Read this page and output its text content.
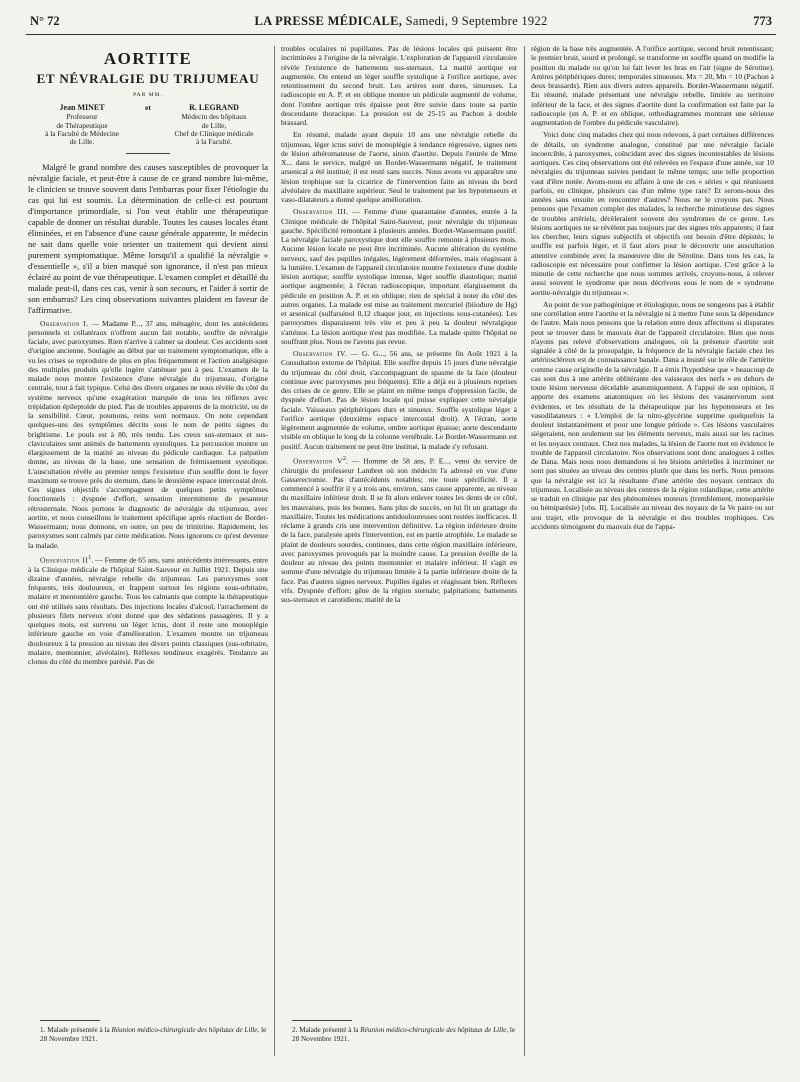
N° 72	LA PRESSE MÉDICALE, Samedi, 9 Septembre 1922	773
AORTITE
ET NÉVRALGIE DU TRIJUMEAU
PAR MM.
Jean MINET
Professeur
de Thérapeutique
à la Faculté de Médecine
de Lille.
et	R. LEGRAND
Médecin des hôpitaux
de Lille,
Chef de Clinique médicale
à la Faculté.

Malgré le grand nombre des causes susceptibles de provoquer la névralgie faciale, et peut-être à cause de ce grand nombre lui-même, le clinicien se trouve souvent dans l'embarras pour fixer l'étiologie du cas qui lui est soumis. La détermination de celle-ci est pourtant d'importance primordiale, si l'on veut établir une thérapeutique capable de donner un résultat durable. Toutes les causes locales étant éliminées, et en l'absence d'une cause générale apparente, le médecin ne sait dans quelle voie orienter un traitement qui devient ainsi purement symptomatique. Même lorsqu'il a qualifié la névralgie « d'essentielle », s'il a bien masqué son ignorance, il n'est pas mieux éclairé au point de vue thérapeutique. L'examen complet et détaillé du malade peut-il, dans ces cas, venir à son secours, et l'aider à sortir de son embarras? Les cinq observations suivantes plaident en faveur de l'affirmative.

Observation I. — Madame P..., 37 ans, ménagère, dont les antécédents personnels et collatéraux n'offrent aucun fait notable, souffre de névralgie faciale, avec paroxysmes. Rien n'arrive à calmer sa douleur. Ces accidents sont d'origine ancienne. Soulagée au début par un traitement symptomatique, elle a vu les crises se reproduire de plus en plus fréquemment et l'action analgésique des multiples produits qu'elle ingère s'atténuer peu à peu. L'examen de la malade nous montre l'existence d'une névralgie du trijumeau, d'origine centrale, tout à fait typique. Celui des divers organes ne nous révèle du côté du système nerveux qu'une exagération marquée de tous les réflexes avec trépidation épileptoïde du pied. Pas de troubles apparents de la motricité, ou de la sensibilité. Cœur, poumons, reins sont normaux. On note cependant quelques-uns des symptômes décrits sous le nom de petits signes du brightisme. Le pouls est à 80, très tendu. Les creux sus-sternaux et sus-claviculaires sont animés de battements systoliques. La percussion montre un élargissement de la matité au niveau du pédicule cardiaque. La palpation donne, au niveau de la base, une sensation de frémissement systolique. L'auscultation révèle au premier temps l'existence d'un souffle dont le foyer maximum se trouve près du sternum, dans le deuxième espace intercostal droit. Ces signes objectifs s'accompagnent de quelques petits symptômes fonctionnels : dyspnée d'effort, sensation intermittente de pesanteur rétrosternale. Nous portons le diagnostic de névralgie du trijumeau, avec aortite, et nous conseillons le traitement spécifique après réaction de Bordet-Wassermann; nous donnons, en outre, un peu de trinitrine. Rapidement, les paroxysmes sont calmés par cette médication. Nous ignorons ce qu'est devenue la malade.

Observation $II^1$. — Femme de 65 ans, sans antécédents intéressants, entre à la Clinique médicale de l'hôpital Saint-Sauveur en Juillet 1921. Depuis une dizaine d'années, névralgie rebelle du trijumeau. Les paroxysmes sont fréquents, très douloureux, et frappent surtout les régions sous-orbitaire, malaire et mentonnière gauche. Tous les calmants que compte la thérapeutique ont été utilisés sans résultats. Des injections locales d'alcool, l'arrachement de plusieurs filets nerveux n'ont donné que des sédations passagères. Il y a quelques mois, est survenu un léger ictus, dont il reste une monoplégie inférieure gauche en voie d'amélioration. L'examen montre un trijumeau douloureux à la pression au niveau des divers points classiques (sus-orbitaire, malaire, mentonnier, alvéolaire). Réflexes tendineux exagérés. Tendance au clonus du côté du membre parésié. Pas de

troubles oculaires ni pupillaires. Pas de lésions locales qui puissent être incriminées à l'origine de la névralgie. L'exploration de l'appareil circulatoire révèle l'existence de battements sus-sternaux. La matité aortique est augmentée. On entend un léger souffle systolique à l'orifice aortique, avec retentissement du second bruit. Les artères sont dures, sinueuses. La radioscopie en A. P. et en oblique montre un pédicule augmenté de volume, dont l'ombre aortique très épaisse peut être suivie dans toute sa partie descendante thoracique. La pression est de 25-15 au Pachon à double brassard.

En résumé, malade ayant depuis 10 ans une névralgie rebelle du trijumeau, léger ictus suivi de monoplégie à tendance régressive, signes nets de lésion athéromateuse de l'aorte, sinon d'aortite. Depuis l'entrée de Mme X... dans le service, malgré un Bordet-Wassermann négatif, le traitement arsenical a été institué; il est resté sans succès. Nous avons vu apparaître une lésion trophique sur la cicatrice de l'intervention faite au niveau du bord alvéolaire du maxillaire supérieur. Seul le traitement par les hypotenseurs et vaso-dilatateurs a donné quelque amélioration.

Observation III. — Femme d'une quarantaine d'années, entrée à la Clinique médicale de l'hôpital Saint-Sauveur, pour névralgie du trijumeau gauche. Spécificité remontant à plusieurs années. Bordet-Wassermann positif. La névralgie faciale paroxystique dont elle souffre remonte à plusieurs mois. Aucune lésion locale ne peut être incriminée. Aucune altération du système nerveux, sauf des pupilles inégales, légèrement déformées, mais réagissant à la lumière. L'examen de l'appareil circulatoire montre l'existence d'une double lésion aortique; souffle systolique intense, léger souffle diastolique; matité aortique augmentée; à l'écran radioscopique, important élargissement du pédicule en position A. P. et en oblique; rien de spécial à noter du côté des autres organes. La malade est mise au traitement mercuriel (biiodure de Hg) et arsenical (sulfarsénol 0,12 chaque jour, en injections sous-cutanées). Les paroxysmes disparaissent très vite et peu à peu la douleur névralgique s'atténue. La lésion aortique n'est pas modifiée. La malade quitte l'hôpital ne souffrant plus. Nous ne l'avons pas revue.

Observation IV. — G. G..., 56 ans, se présente fin Août 1921 à la Consultation externe de l'hôpital. Elle souffre depuis 15 jours d'une névralgie du trijumeau du côté droit, s'accompagnant de spasme de la face (douleur continue avec paroxysmes peu fréquents). Elle a déjà eu à plusieurs reprises des crises de ce genre. Elle se plaint en même temps d'oppression facile, de dyspnée d'effort. Pas de lésion locale qui puisse expliquer cette névralgie faciale. Vaisseaux périphériques durs et sinueux. Souffle systolique léger à l'orifice aortique (deuxième espace intercostal droit). A l'écran, aorte légèrement augmentée de volume, ombre aortique épaisse; aorte descendante visible en oblique le long de la colonne vertébrale. Le Bordet-Wassermann est positif. Aucun traitement ne peut être institué, la malade s'y refusant.

Observation $V^2$. — Homme de 58 ans, P. E..., venu du service de chirurgie du professeur Lambret où son médecin l'a adressé en vue d'une Gasserectomie. Pas d'antécédents notables; nie toute spécificité. Il a commencé à souffrir il y a trois ans, environ, sans cause apparente, au niveau du maxillaire inférieur droit. Il se fit alors enlever toutes les dents de ce côté, les mauvaises, puis les bonnes. Sans plus de succès, on lui fit un grattage du maxillaire. Toutes les médications antidouloureuses sont restées inefficaces. Il réclame à grands cris une intervention définitive. La région inférieure droite de la face, paralysée après l'intervention, est en partie atrophiée. Le malade se plaint de douleurs sourdes, continues, dans cette région maxillaire inférieure, avec paroxysmes provoqués par la moindre cause. La pression éveille de la douleur au niveau des points mentonnier et malaire inférieur. Il s'agit en somme d'une névralgie du trijumeau limitée à la partie inférieure droite de la face. Pas d'autres signes nerveux. Pupilles égales et réagissant bien. Réflexes vifs. Dyspnée d'effort; gêne de la région sternale; palpitations; battements sus-sternaux et carotidiens; matité de la

région de la base très augmentée. A l'orifice aortique, second bruit retentissant; le premier bruit, sourd et prolongé, se transforme en souffle quand on modifie la position du malade ou qu'on lui fait lever les bras en l'air (signe de Sérotine). Artères périphériques dures; temporales sinueuses. Mx = 20, Mn = 10 (Pachon à deux brassards). Rien aux divers autres appareils. Bordet-Wassermann négatif. En résumé, malade présentant une névralgie rebelle, limitée au territoire inférieur de la face, et des signes d'aortite dont la confirmation est faite par la radioscopie (en A. P. et en oblique, orthodiagrammes montrant une sérieuse augmentation de l'ombre du pédicule vasculaire).

Voici donc cinq malades chez qui nous relevons, à part certaines différences de détails, un syndrome analogue, constitué par une névralgie faciale incoercible, à paroxysmes, coïncidant avec des signes incontestables de lésions aortiques. Ces cinq observations ont été relevées en l'espace d'une année, sur 10 névralgies du trijumeau suivies pendant le même temps; une telle proportion vaut d'être notée. Avons-nous eu affaire à une de ces « séries » qui réunissent parfois, en clinique, plusieurs cas d'un même type rare? Et serons-nous des années sans ensuite en rencontrer d'autres? Nous ne le croyons pas. Nous pensons que l'examen complet des malades, la recherche minutieuse des signes de troubles artériels, décèleraient souvent des syndromes de ce genre. Les lésions aortiques ne se révèlent pas toujours par des signes très apparents; il faut les chercher, leurs signes subjectifs et objectifs ont besoin d'être dépistés; le souffle est parfois léger, et il faut alors pour le découvrir une auscultation attentive combinée avec la manœuvre dite de Sérotine. Dans tous les cas, la radioscopie est nécessaire pour confirmer la lésion aortique. C'est grâce à la minutie de cette recherche que nous sommes arrivés, croyons-nous, à relever aussi souvent le syndrome que nous décrivons sous le nom de « syndrome aortite-névralgie du trijumeau ».

Au point de vue pathogénique et étiologique, nous ne songeons pas à établir une corrélation entre l'aortite et la névralgie ni à mettre l'une sous la dépendance de l'autre. Mais nous pensons que la relation entre deux affections si disparates peut se trouver dans le mauvais état de l'appareil circulatoire. Bien que nous n'ayons pas relevé d'observations analogues, où la présence d'aortite soit signalée à côté de la prosopalgie, la fréquence de la névralgie faciale chez les artérioscléreux est de connaissance banale. Dana a insisté sur le rôle de l'artérite comme cause originelle de la névralgie. Il a émis l'hypothèse que « beaucoup de cas sont dus à une artérite oblitérante des vaisseaux des nerfs » en dehors de toute lésion nerveuse décelable anatomiquement. A l'appui de son opinion, il apporte des examens anatomiques où les lésions des vasanervorum sont évidentes, et les résultats de la thérapeutique par les hypotenseurs et les vasodilatateurs : « L'emploi de la nitro-glycérine supprime quelquefois la douleur instantanément et pour une longue période ». Ces lésions vasculaires siégeraient, non seulement sur les éléments nerveux, mais aussi sur les racines et les noyaux centraux. Chez nos malades, la lésion de l'aorte met en évidence le trouble de l'appareil circulatoire. Nos observations sont donc analogues à celles de Dana. Mais nous nous demandons si les lésions artérielles à incriminer ne sont pas situées au niveau des centres plutôt que dans les nerfs. Nous pensons que la névralgie est ici la résultante d'une artérite des noyaux centraux du trijumeau. Localisée au niveau des centres de la région rolandique, cette artérite se traduit en clinique par des phénomènes moteurs (tremblement, monoparésie ou hémiparésie) [obs. II]. Localisée au niveau des noyaux de la Ve paire ou sur son trajet, elle provoque de la névralgie et des troubles trophiques. Ces accidents témoignent du mauvais état de l'appa-

1. Malade présentée à la Réunion médico-chirurgicale des hôpitaux de Lille, le 28 Novembre 1921.
2. Malade présenté à la Réunion médico-chirurgicale des hôpitaux de Lille, le 28 Novembre 1921.
